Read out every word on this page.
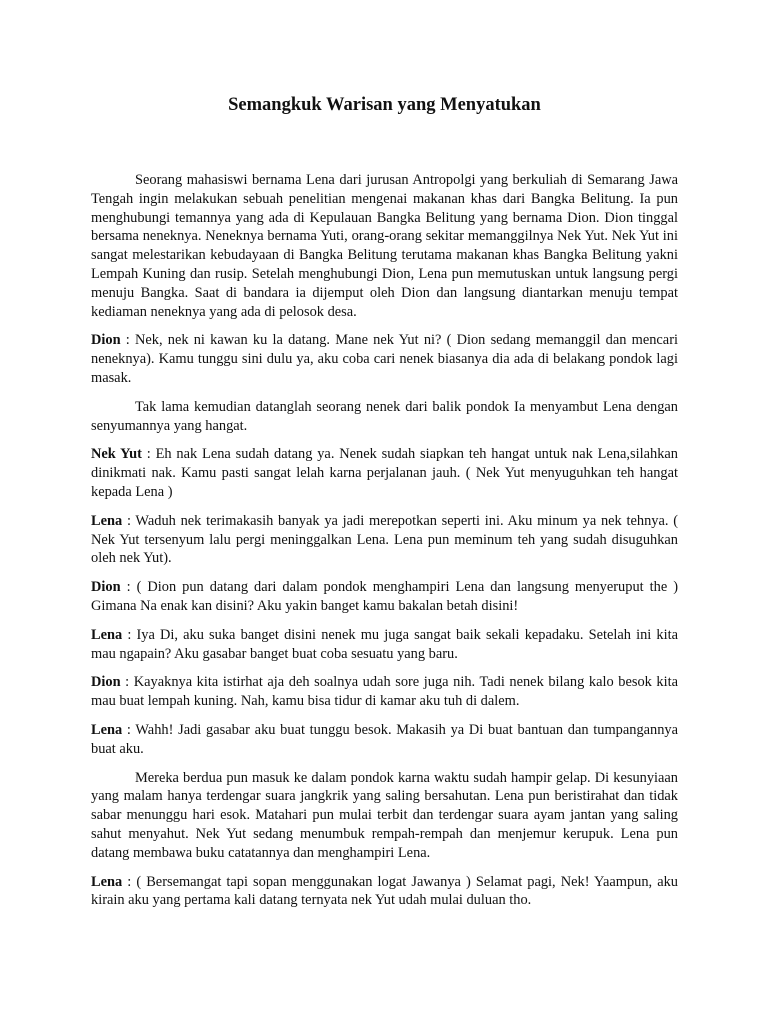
Semangkuk Warisan yang Menyatukan

Seorang mahasiswi bernama Lena dari jurusan Antropolgi yang berkuliah di Semarang Jawa Tengah ingin melakukan sebuah penelitian mengenai makanan khas dari Bangka Belitung. Ia pun menghubungi temannya yang ada di Kepulauan Bangka Belitung yang bernama Dion. Dion tinggal bersama neneknya. Neneknya bernama Yuti, orang-orang sekitar memanggilnya Nek Yut. Nek Yut ini sangat melestarikan kebudayaan di Bangka Belitung terutama makanan khas Bangka Belitung yakni Lempah Kuning dan rusip. Setelah menghubungi Dion, Lena pun memutuskan untuk langsung pergi menuju Bangka. Saat di bandara ia dijemput oleh Dion dan langsung diantarkan menuju tempat kediaman neneknya yang ada di pelosok desa.

Dion : Nek, nek ni kawan ku la datang. Mane nek Yut ni? ( Dion sedang memanggil dan mencari neneknya). Kamu tunggu sini dulu ya, aku coba cari nenek biasanya dia ada di belakang pondok lagi masak.

Tak lama kemudian datanglah seorang nenek dari balik pondok Ia menyambut Lena dengan senyumannya yang hangat.

Nek Yut : Eh nak Lena sudah datang ya. Nenek sudah siapkan teh hangat untuk nak Lena,silahkan dinikmati nak. Kamu pasti sangat lelah karna perjalanan jauh. ( Nek Yut menyuguhkan teh hangat kepada Lena )

Lena : Waduh nek terimakasih banyak ya jadi merepotkan seperti ini. Aku minum ya nek tehnya. ( Nek Yut tersenyum lalu pergi meninggalkan Lena. Lena pun meminum teh yang sudah disuguhkan oleh nek Yut).

Dion : ( Dion pun datang dari dalam pondok menghampiri Lena dan langsung menyeruput the ) Gimana Na enak kan disini? Aku yakin banget kamu bakalan betah disini!

Lena : Iya Di, aku suka banget disini nenek mu juga sangat baik sekali kepadaku. Setelah ini kita mau ngapain? Aku gasabar banget buat coba sesuatu yang baru.

Dion : Kayaknya kita istirhat aja deh soalnya udah sore juga nih. Tadi nenek bilang kalo besok kita mau buat lempah kuning. Nah, kamu bisa tidur di kamar aku tuh di dalem.

Lena : Wahh! Jadi gasabar aku buat tunggu besok. Makasih ya Di buat bantuan dan tumpangannya buat aku.

Mereka berdua pun masuk ke dalam pondok karna waktu sudah hampir gelap. Di kesunyiaan yang malam hanya terdengar suara jangkrik yang saling bersahutan. Lena pun beristirahat dan tidak sabar menunggu hari esok. Matahari pun mulai terbit dan terdengar suara ayam jantan yang saling sahut menyahut. Nek Yut sedang menumbuk rempah-rempah dan menjemur kerupuk. Lena pun datang membawa buku catatannya dan menghampiri Lena.

Lena : ( Bersemangat tapi sopan menggunakan logat Jawanya ) Selamat pagi, Nek! Yaampun, aku kirain aku yang pertama kali datang ternyata nek Yut udah mulai duluan tho.
